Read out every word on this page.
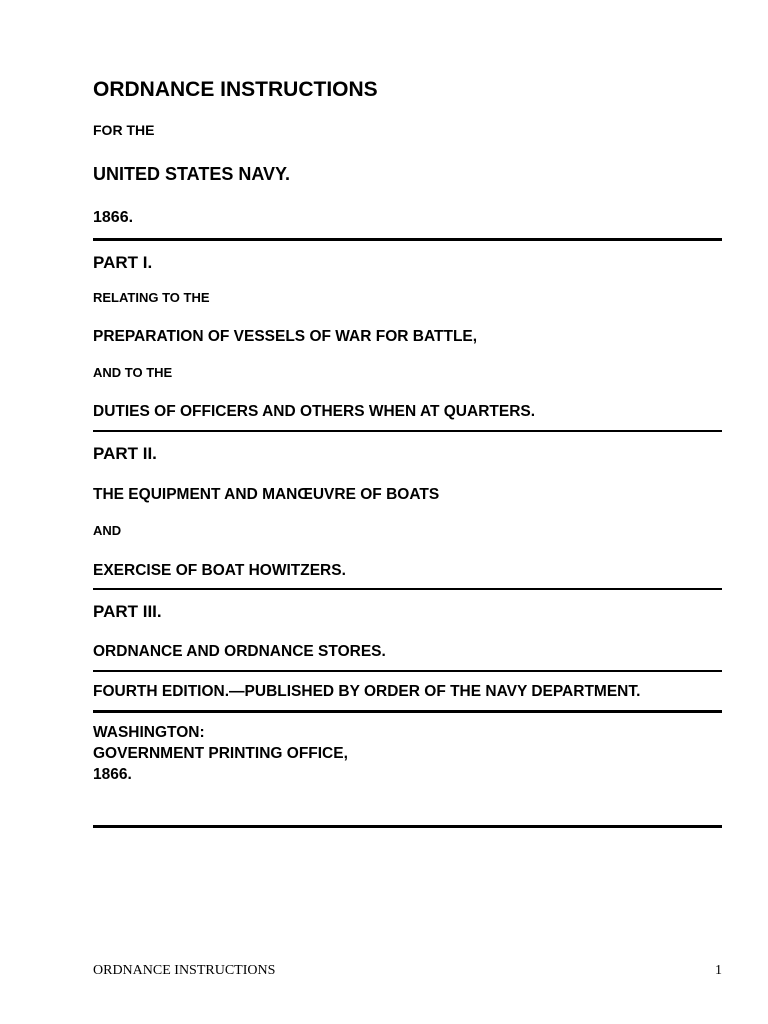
ORDNANCE INSTRUCTIONS
FOR THE
UNITED STATES NAVY.
1866.
PART I.
RELATING TO THE
PREPARATION OF VESSELS OF WAR FOR BATTLE,
AND TO THE
DUTIES OF OFFICERS AND OTHERS WHEN AT QUARTERS.
PART II.
THE EQUIPMENT AND MANŒUVRE OF BOATS
AND
EXERCISE OF BOAT HOWITZERS.
PART III.
ORDNANCE AND ORDNANCE STORES.
FOURTH EDITION.—PUBLISHED BY ORDER OF THE NAVY DEPARTMENT.
WASHINGTON:
GOVERNMENT PRINTING OFFICE,
1866.
ORDNANCE INSTRUCTIONS	1
